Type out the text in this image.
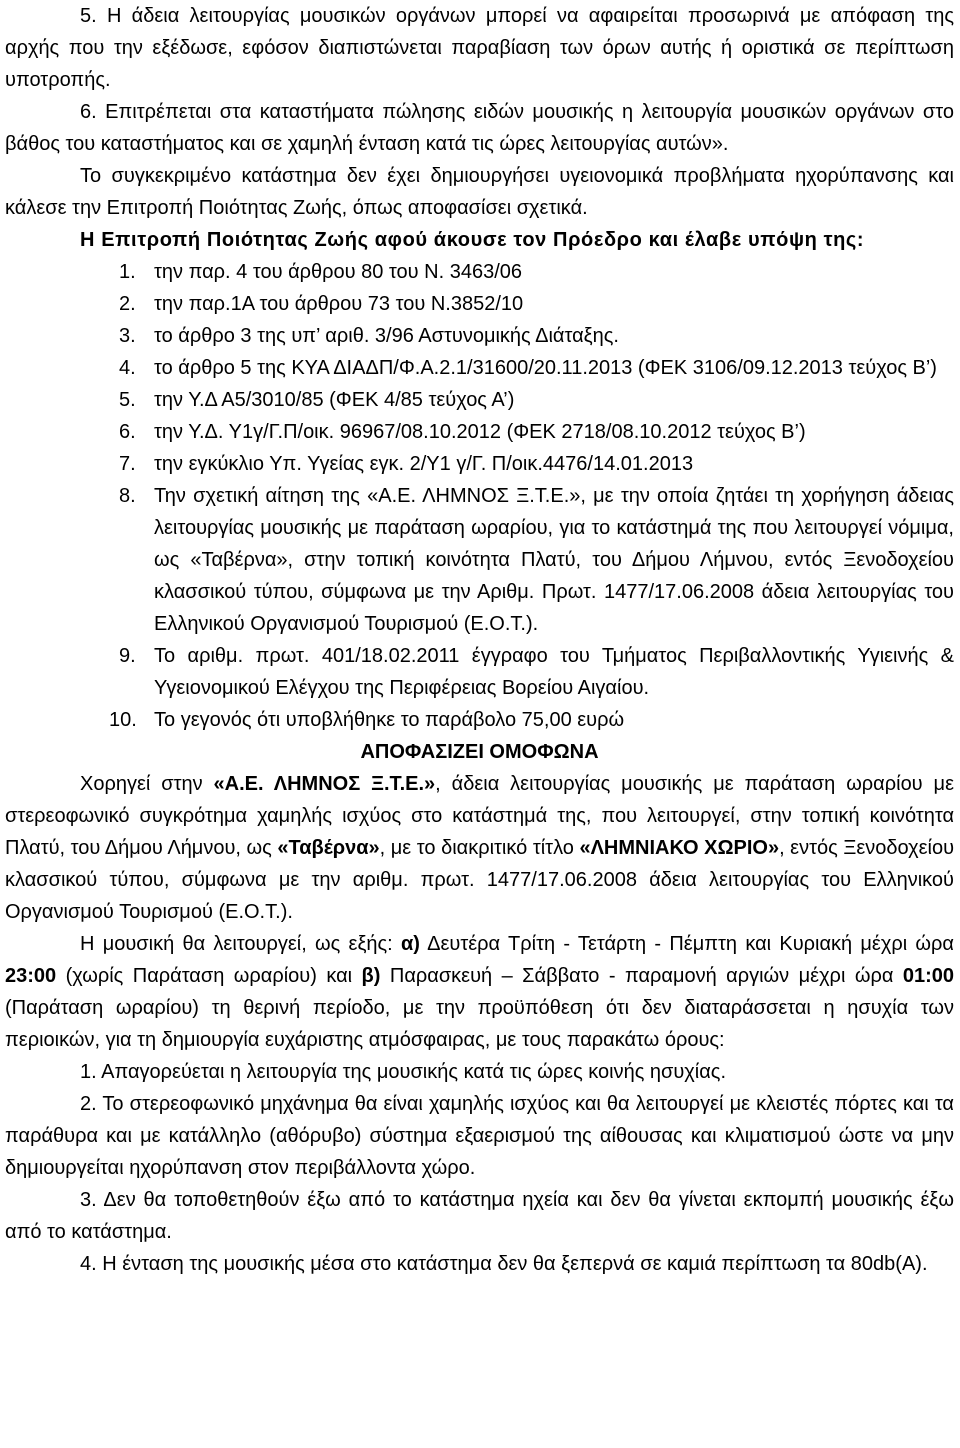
5. Η άδεια λειτουργίας μουσικών οργάνων μπορεί να αφαιρείται προσωρινά με απόφαση της αρχής που την εξέδωσε, εφόσον διαπιστώνεται παραβίαση των όρων αυτής ή οριστικά σε περίπτωση υποτροπής.

6. Επιτρέπεται στα καταστήματα πώλησης ειδών μουσικής η λειτουργία μουσικών οργάνων στο βάθος του καταστήματος και σε χαμηλή ένταση κατά τις ώρες λειτουργίας αυτών».

Το συγκεκριμένο κατάστημα δεν έχει δημιουργήσει υγειονομικά προβλήματα ηχορύπανσης και κάλεσε την Επιτροπή Ποιότητας Ζωής, όπως αποφασίσει σχετικά.

Η Επιτροπή Ποιότητας Ζωής αφού άκουσε τον Πρόεδρο και έλαβε υπόψη της:

1. την παρ. 4 του άρθρου 80 του Ν. 3463/06
2. την παρ.1Α του άρθρου 73 του Ν.3852/10
3. το άρθρο 3 της υπ’ αριθ. 3/96 Αστυνομικής Διάταξης.
4. το άρθρο 5 της ΚΥΑ ΔΙΑΔΠ/Φ.Α.2.1/31600/20.11.2013 (ΦΕΚ 3106/09.12.2013 τεύχος Β’)
5. την Υ.Δ Α5/3010/85 (ΦΕΚ 4/85 τεύχος Α’)
6. την Υ.Δ. Υ1γ/Γ.Π/οικ. 96967/08.10.2012 (ΦΕΚ 2718/08.10.2012 τεύχος Β’)
7. την εγκύκλιο Υπ. Υγείας εγκ. 2/Υ1 γ/Γ. Π/οικ.4476/14.01.2013
8. Την σχετική αίτηση της «Α.Ε. ΛΗΜΝΟΣ Ξ.Τ.Ε.», με την οποία ζητάει τη χορήγηση άδειας λειτουργίας μουσικής με παράταση ωραρίου, για το κατάστημά της που λειτουργεί νόμιμα, ως «Ταβέρνα», στην τοπική κοινότητα Πλατύ, του Δήμου Λήμνου, εντός Ξενοδοχείου κλασσικού τύπου, σύμφωνα με την Αριθμ. Πρωτ. 1477/17.06.2008 άδεια λειτουργίας του Ελληνικού Οργανισμού Τουρισμού (Ε.Ο.Τ.).
9. Το αριθμ. πρωτ. 401/18.02.2011 έγγραφο του Τμήματος Περιβαλλοντικής Υγιεινής & Υγειονομικού Ελέγχου της Περιφέρειας Βορείου Αιγαίου.
10. Το γεγονός ότι υποβλήθηκε το παράβολο 75,00 ευρώ

ΑΠΟΦΑΣΙΖΕΙ ΟΜΟΦΩΝΑ

Χορηγεί στην «Α.Ε. ΛΗΜΝΟΣ Ξ.Τ.Ε.», άδεια λειτουργίας μουσικής με παράταση ωραρίου με στερεοφωνικό συγκρότημα χαμηλής ισχύος στο κατάστημά της, που λειτουργεί, στην τοπική κοινότητα Πλατύ, του Δήμου Λήμνου, ως «Ταβέρνα», με το διακριτικό τίτλο «ΛΗΜΝΙΑΚΟ ΧΩΡΙΟ», εντός Ξενοδοχείου κλασσικού τύπου, σύμφωνα με την αριθμ. πρωτ. 1477/17.06.2008 άδεια λειτουργίας του Ελληνικού Οργανισμού Τουρισμού (Ε.Ο.Τ.).

Η μουσική θα λειτουργεί, ως εξής: α) Δευτέρα Τρίτη - Τετάρτη - Πέμπτη και Κυριακή μέχρι ώρα 23:00 (χωρίς Παράταση ωραρίου) και β) Παρασκευή – Σάββατο - παραμονή αργιών μέχρι ώρα 01:00 (Παράταση ωραρίου) τη θερινή περίοδο, με την προϋπόθεση ότι δεν διαταράσσεται η ησυχία των περιοικών, για τη δημιουργία ευχάριστης ατμόσφαιρας, με τους παρακάτω όρους:

1. Απαγορεύεται η λειτουργία της μουσικής κατά τις ώρες κοινής ησυχίας.

2. Το στερεοφωνικό μηχάνημα θα είναι χαμηλής ισχύος και θα λειτουργεί με κλειστές πόρτες και τα παράθυρα και με κατάλληλο (αθόρυβο) σύστημα εξαερισμού της αίθουσας και κλιματισμού ώστε να μην δημιουργείται ηχορύπανση στον περιβάλλοντα χώρο.

3. Δεν θα τοποθετηθούν έξω από το κατάστημα ηχεία και δεν θα γίνεται εκπομπή μουσικής έξω από το κατάστημα.

4. Η ένταση της μουσικής μέσα στο κατάστημα δεν θα ξεπερνά σε καμιά περίπτωση τα 80db(A).
